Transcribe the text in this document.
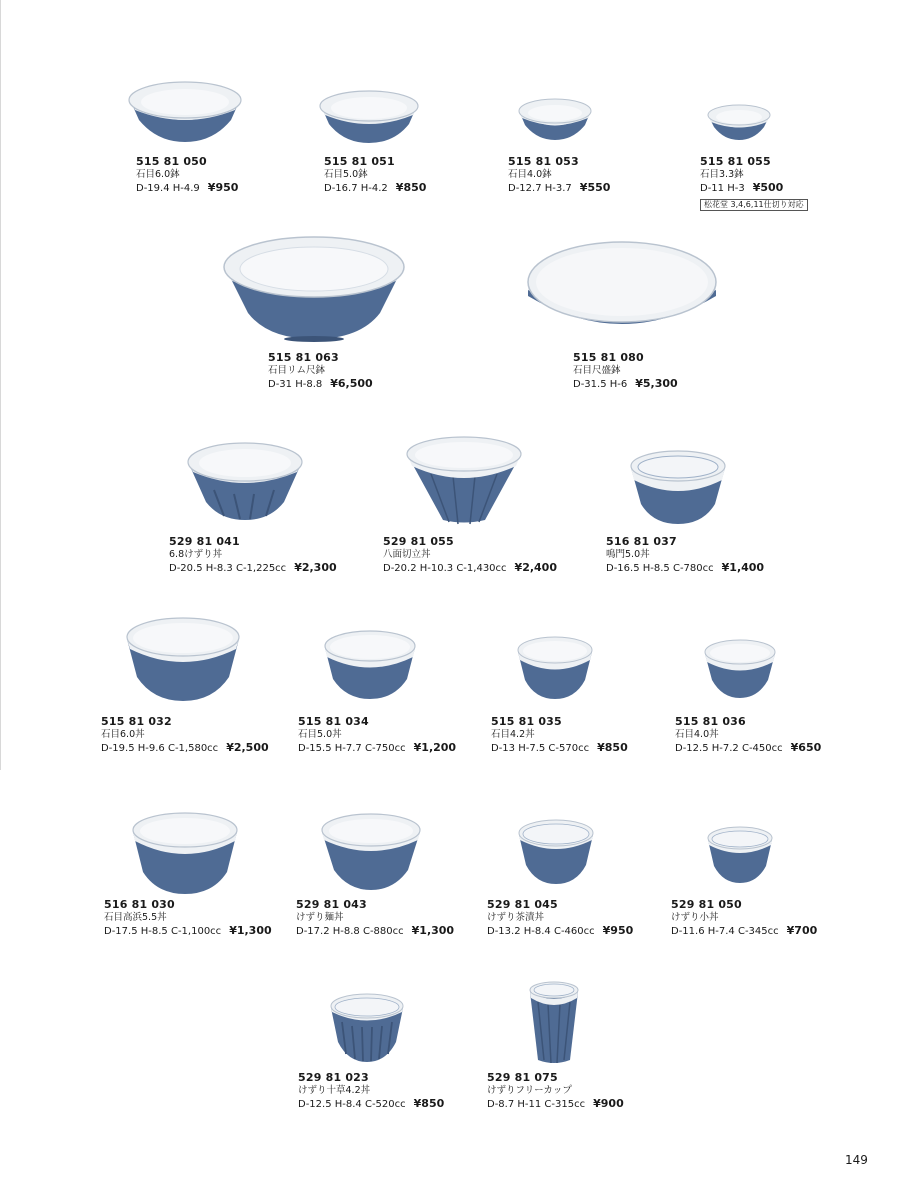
515 81 050
石目6.0鉢
D-19.4 H-4.9 ¥950
515 81 051
石目5.0鉢
D-16.7 H-4.2 ¥850
515 81 053
石目4.0鉢
D-12.7 H-3.7 ¥550
515 81 055
石目3.3鉢
D-11 H-3 ¥500
松花堂 3,4,6,11仕切り対応
515 81 063
石目リム尺鉢
D-31 H-8.8 ¥6,500
515 81 080
石目尺盛鉢
D-31.5 H-6 ¥5,300
529 81 041
6.8けずり丼
D-20.5 H-8.3 C-1,225cc ¥2,300
529 81 055
八面切立丼
D-20.2 H-10.3 C-1,430cc ¥2,400
516 81 037
鳴門5.0丼
D-16.5 H-8.5 C-780cc ¥1,400
515 81 032
石目6.0丼
D-19.5 H-9.6 C-1,580cc ¥2,500
515 81 034
石目5.0丼
D-15.5 H-7.7 C-750cc ¥1,200
515 81 035
石目4.2丼
D-13 H-7.5 C-570cc ¥850
515 81 036
石目4.0丼
D-12.5 H-7.2 C-450cc ¥650
516 81 030
石目高浜5.5丼
D-17.5 H-8.5 C-1,100cc ¥1,300
529 81 043
けずり麺丼
D-17.2 H-8.8 C-880cc ¥1,300
529 81 045
けずり茶漬丼
D-13.2 H-8.4 C-460cc ¥950
529 81 050
けずり小丼
D-11.6 H-7.4 C-345cc ¥700
529 81 023
けずり十草4.2丼
D-12.5 H-8.4 C-520cc ¥850
529 81 075
けずりフリーカップ
D-8.7 H-11 C-315cc ¥900
149
